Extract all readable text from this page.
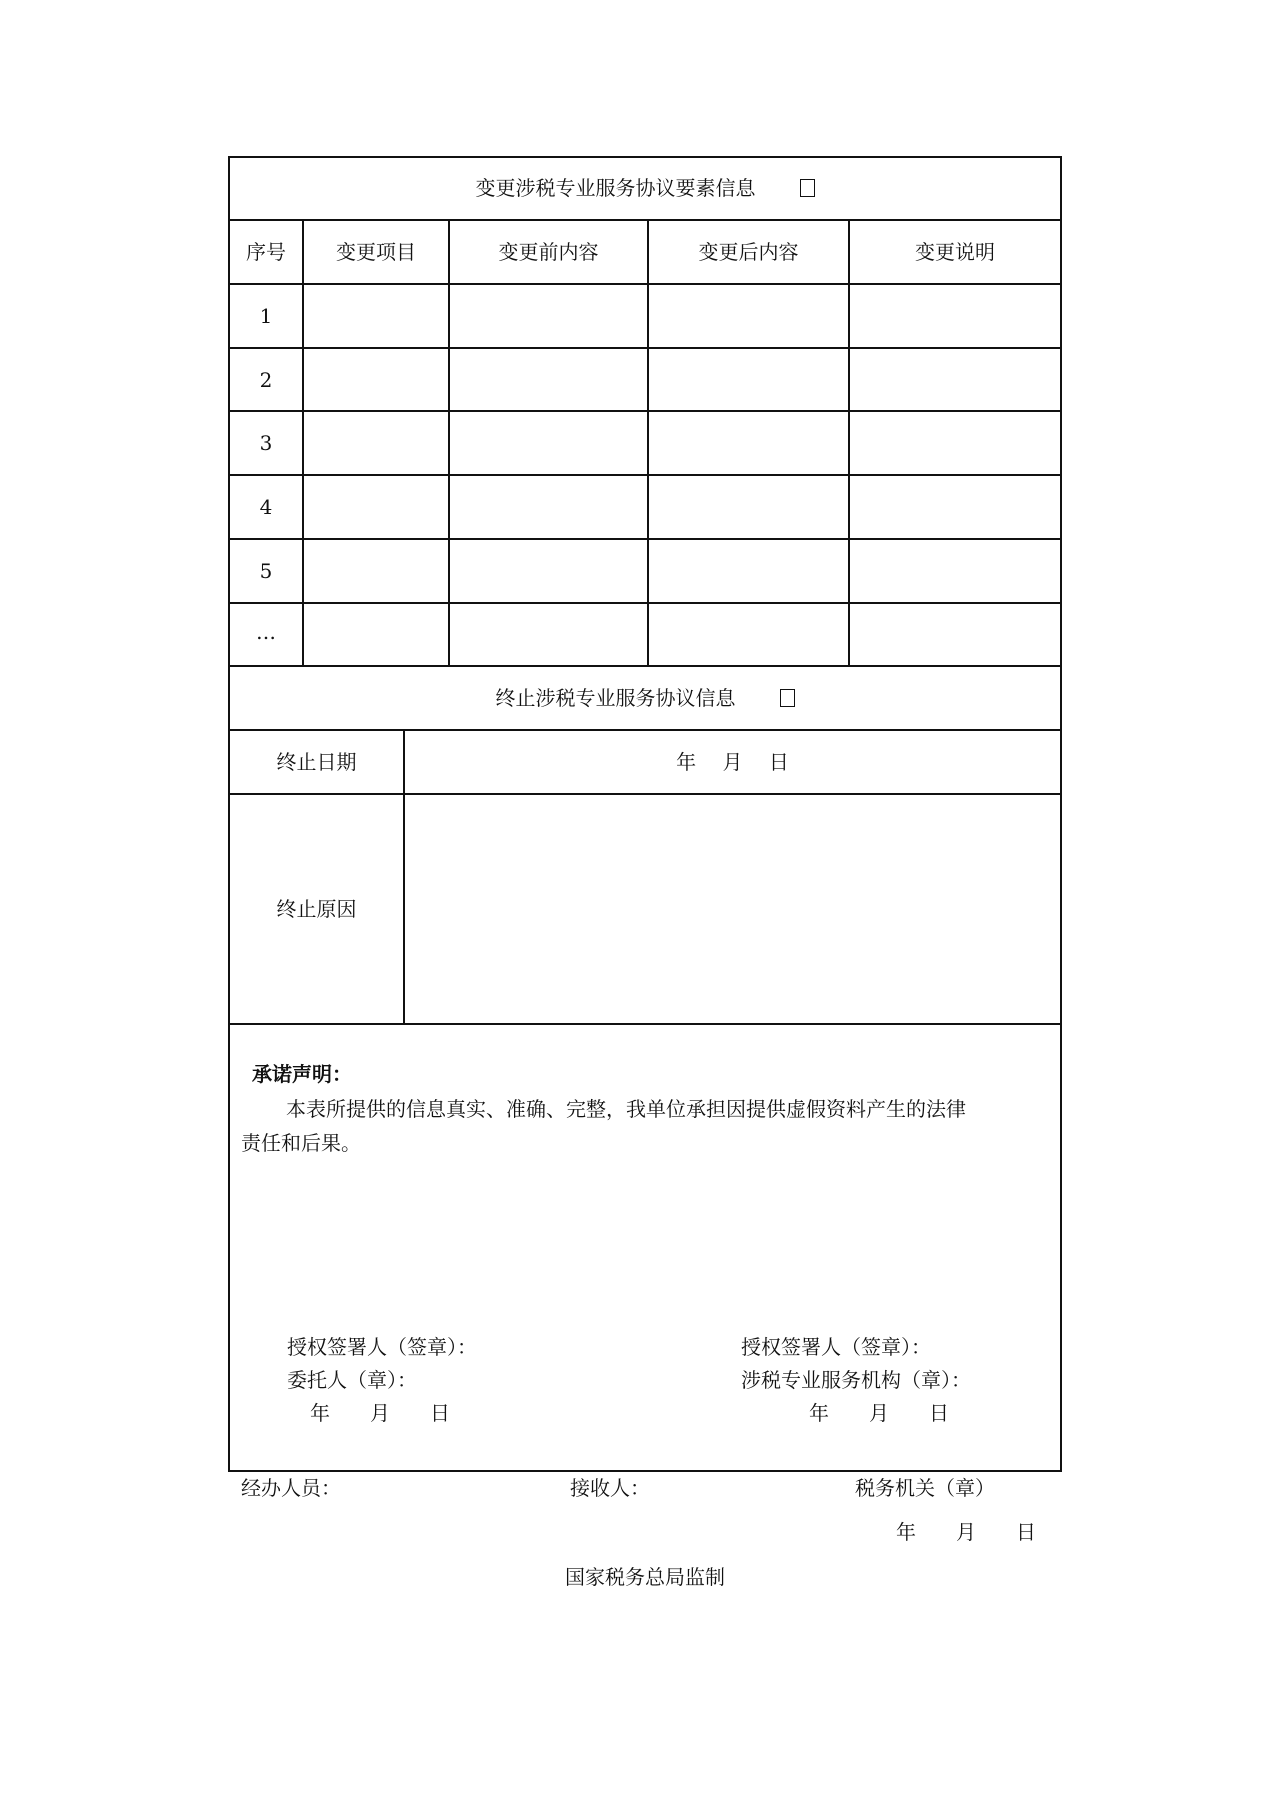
变更涉税专业服务协议要素信息
序号	变更项目	变更前内容	变更后内容	变更说明
1
2
3
4
5
…
终止涉税专业服务协议信息
终止日期	年　 月　 日
终止原因
承诺声明：
本表所提供的信息真实、准确、完整，我单位承担因提供虚假资料产生的法律
责任和后果。
授权签署人（签章）：
委托人（章）：
年　　月　　日
授权签署人（签章）：
涉税专业服务机构（章）：
年　　月　　日
经办人员：	接收人：	税务机关（章）
年　　月　　日
国家税务总局监制
